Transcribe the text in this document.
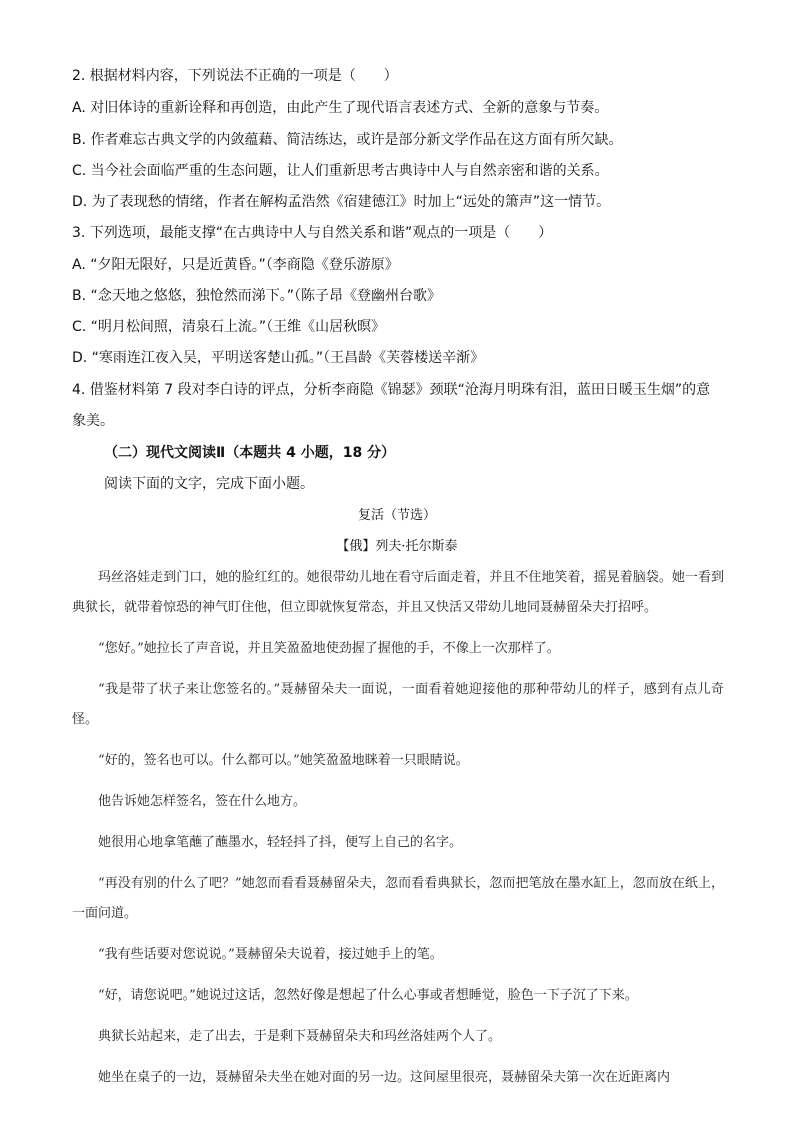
2. 根据材料内容，下列说法不正确的一项是（　　）
A. 对旧体诗的重新诠释和再创造，由此产生了现代语言表述方式、全新的意象与节奏。
B. 作者难忘古典文学的内敛蕴藉、简洁练达，或许是部分新文学作品在这方面有所欠缺。
C. 当今社会面临严重的生态问题，让人们重新思考古典诗中人与自然亲密和谐的关系。
D. 为了表现愁的情绪，作者在解构孟浩然《宿建德江》时加上“远处的箫声”这一情节。
3. 下列选项，最能支撑“在古典诗中人与自然关系和谐”观点的一项是（　　）
A. “夕阳无限好，只是近黄昏。”（李商隐《登乐游原》
B. “念天地之悠悠，独怆然而涕下。”（陈子昂《登幽州台歌》
C. “明月松间照，清泉石上流。”（王维《山居秋暝》
D. “寒雨连江夜入吴，平明送客楚山孤。”（王昌龄《芙蓉楼送辛渐》
4. 借鉴材料第 7 段对李白诗的评点，分析李商隐《锦瑟》颈联“沧海月明珠有泪，蓝田日暖玉生烟”的意
象美。
（二）现代文阅读Ⅱ（本题共 4 小题，18 分）
阅读下面的文字，完成下面小题。
复活（节选）
【俄】列夫·托尔斯泰

玛丝洛娃走到门口，她的脸红红的。她很带幼儿地在看守后面走着，并且不住地笑着，摇晃着脑袋。她一看到典狱长，就带着惊恐的神气盯住他，但立即就恢复常态，并且又快活又带幼儿地同聂赫留朵夫打招呼。

“您好。”她拉长了声音说，并且笑盈盈地使劲握了握他的手，不像上一次那样了。

“我是带了状子来让您签名的。”聂赫留朵夫一面说，一面看着她迎接他的那种带幼儿的样子，感到有点儿奇怪。

“好的，签名也可以。什么都可以。”她笑盈盈地眯着一只眼睛说。

他告诉她怎样签名，签在什么地方。

她很用心地拿笔蘸了蘸墨水，轻轻抖了抖，便写上自己的名字。

“再没有别的什么了吧？”她忽而看看聂赫留朵夫，忽而看看典狱长，忽而把笔放在墨水缸上，忽而放在纸上，一面问道。

“我有些话要对您说说。”聂赫留朵夫说着，接过她手上的笔。

“好，请您说吧。”她说过这话，忽然好像是想起了什么心事或者想睡觉，脸色一下子沉了下来。

典狱长站起来，走了出去，于是剩下聂赫留朵夫和玛丝洛娃两个人了。

她坐在桌子的一边，聂赫留朵夫坐在她对面的另一边。这间屋里很亮，聂赫留朵夫第一次在近距离内
